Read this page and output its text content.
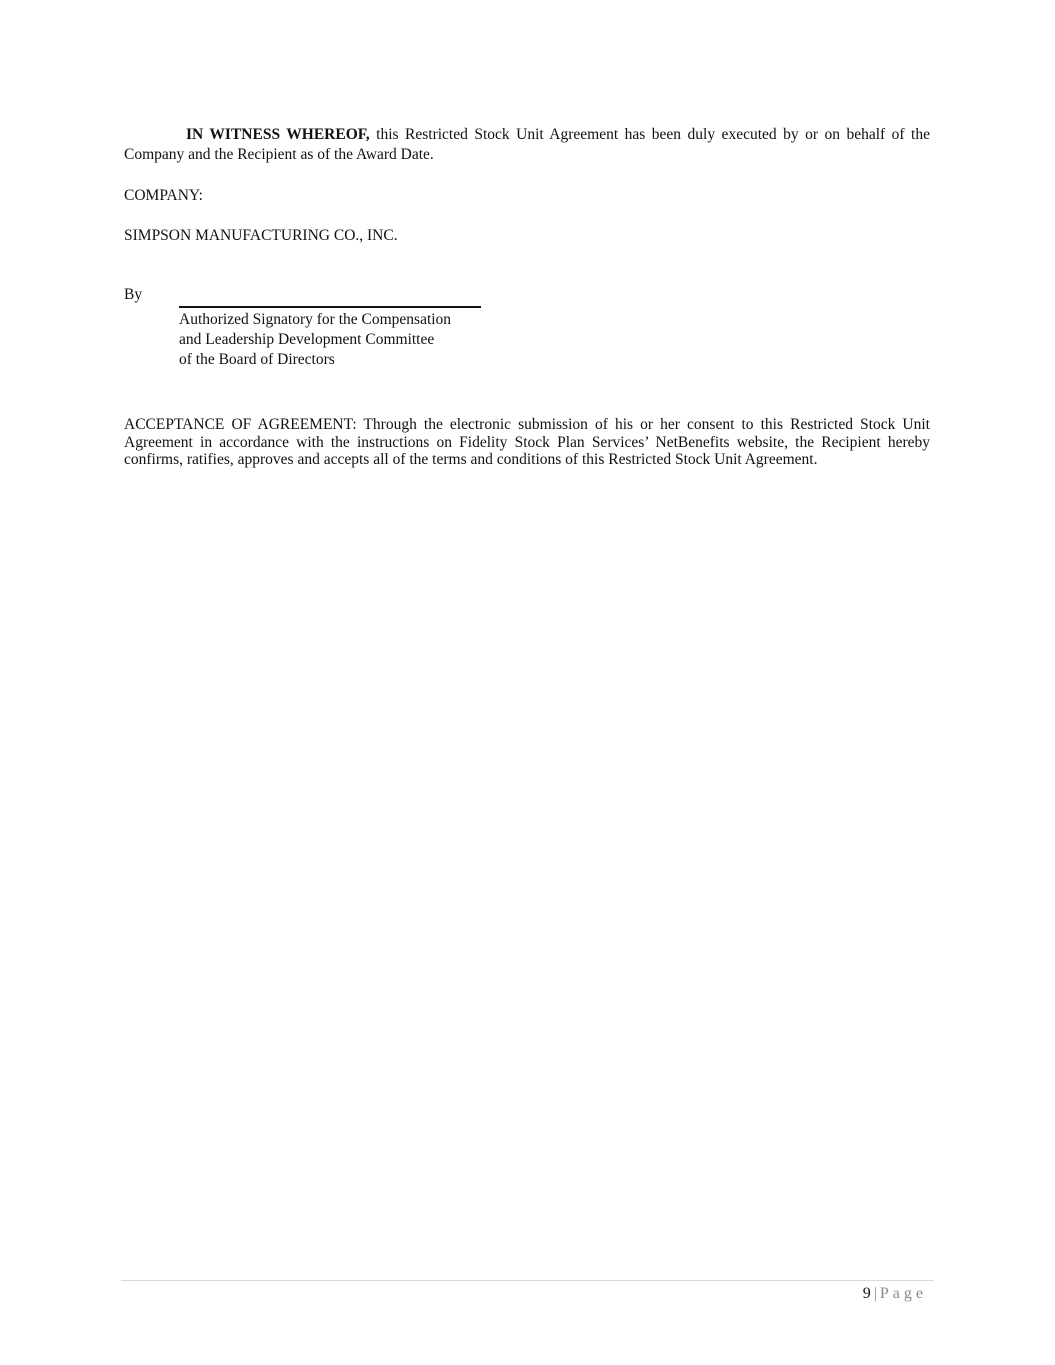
IN WITNESS WHEREOF, this Restricted Stock Unit Agreement has been duly executed by or on behalf of the Company and the Recipient as of the Award Date.
COMPANY:
SIMPSON MANUFACTURING CO., INC.
By
Authorized Signatory for the Compensation
and Leadership Development Committee
of the Board of Directors
ACCEPTANCE OF AGREEMENT: Through the electronic submission of his or her consent to this Restricted Stock Unit Agreement in accordance with the instructions on Fidelity Stock Plan Services’ NetBenefits website, the Recipient hereby confirms, ratifies, approves and accepts all of the terms and conditions of this Restricted Stock Unit Agreement.
9 | Page
